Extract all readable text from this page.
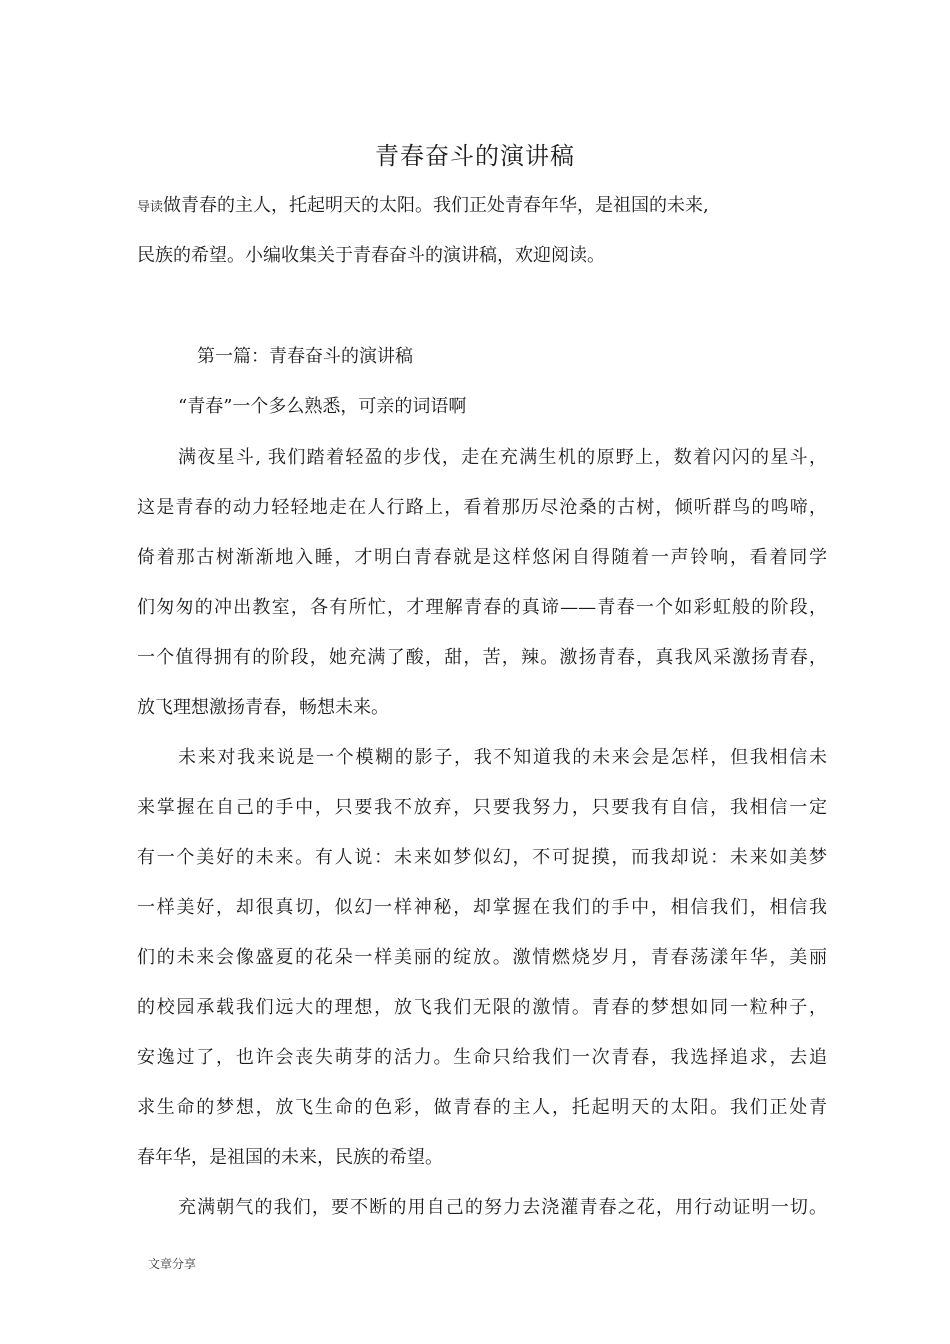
青春奋斗的演讲稿
导读做青春的主人，托起明天的太阳。我们正处青春年华，是祖国的未来,
民族的希望。小编收集关于青春奋斗的演讲稿，欢迎阅读。
第一篇：青春奋斗的演讲稿
“青春”一个多么熟悉，可亲的词语啊
满夜星斗, 我们踏着轻盈的步伐，走在充满生机的原野上，数着闪闪的星斗，
这是青春的动力轻轻地走在人行路上，看着那历尽沧桑的古树，倾听群鸟的鸣啼，
倚着那古树渐渐地入睡，才明白青春就是这样悠闲自得随着一声铃响，看着同学
们匆匆的冲出教室，各有所忙，才理解青春的真谛——青春一个如彩虹般的阶段，
一个值得拥有的阶段，她充满了酸，甜，苦，辣。激扬青春，真我风采激扬青春，
放飞理想激扬青春，畅想未来。
未来对我来说是一个模糊的影子，我不知道我的未来会是怎样，但我相信未
来掌握在自己的手中，只要我不放弃，只要我努力，只要我有自信，我相信一定
有一个美好的未来。有人说：未来如梦似幻，不可捉摸，而我却说：未来如美梦
一样美好，却很真切，似幻一样神秘，却掌握在我们的手中，相信我们，相信我
们的未来会像盛夏的花朵一样美丽的绽放。激情燃烧岁月，青春荡漾年华，美丽
的校园承载我们远大的理想，放飞我们无限的激情。青春的梦想如同一粒种子，
安逸过了，也许会丧失萌芽的活力。生命只给我们一次青春，我选择追求，去追
求生命的梦想，放飞生命的色彩，做青春的主人，托起明天的太阳。我们正处青
春年华，是祖国的未来，民族的希望。
充满朝气的我们，要不断的用自己的努力去浇灌青春之花，用行动证明一切。
文章分享
